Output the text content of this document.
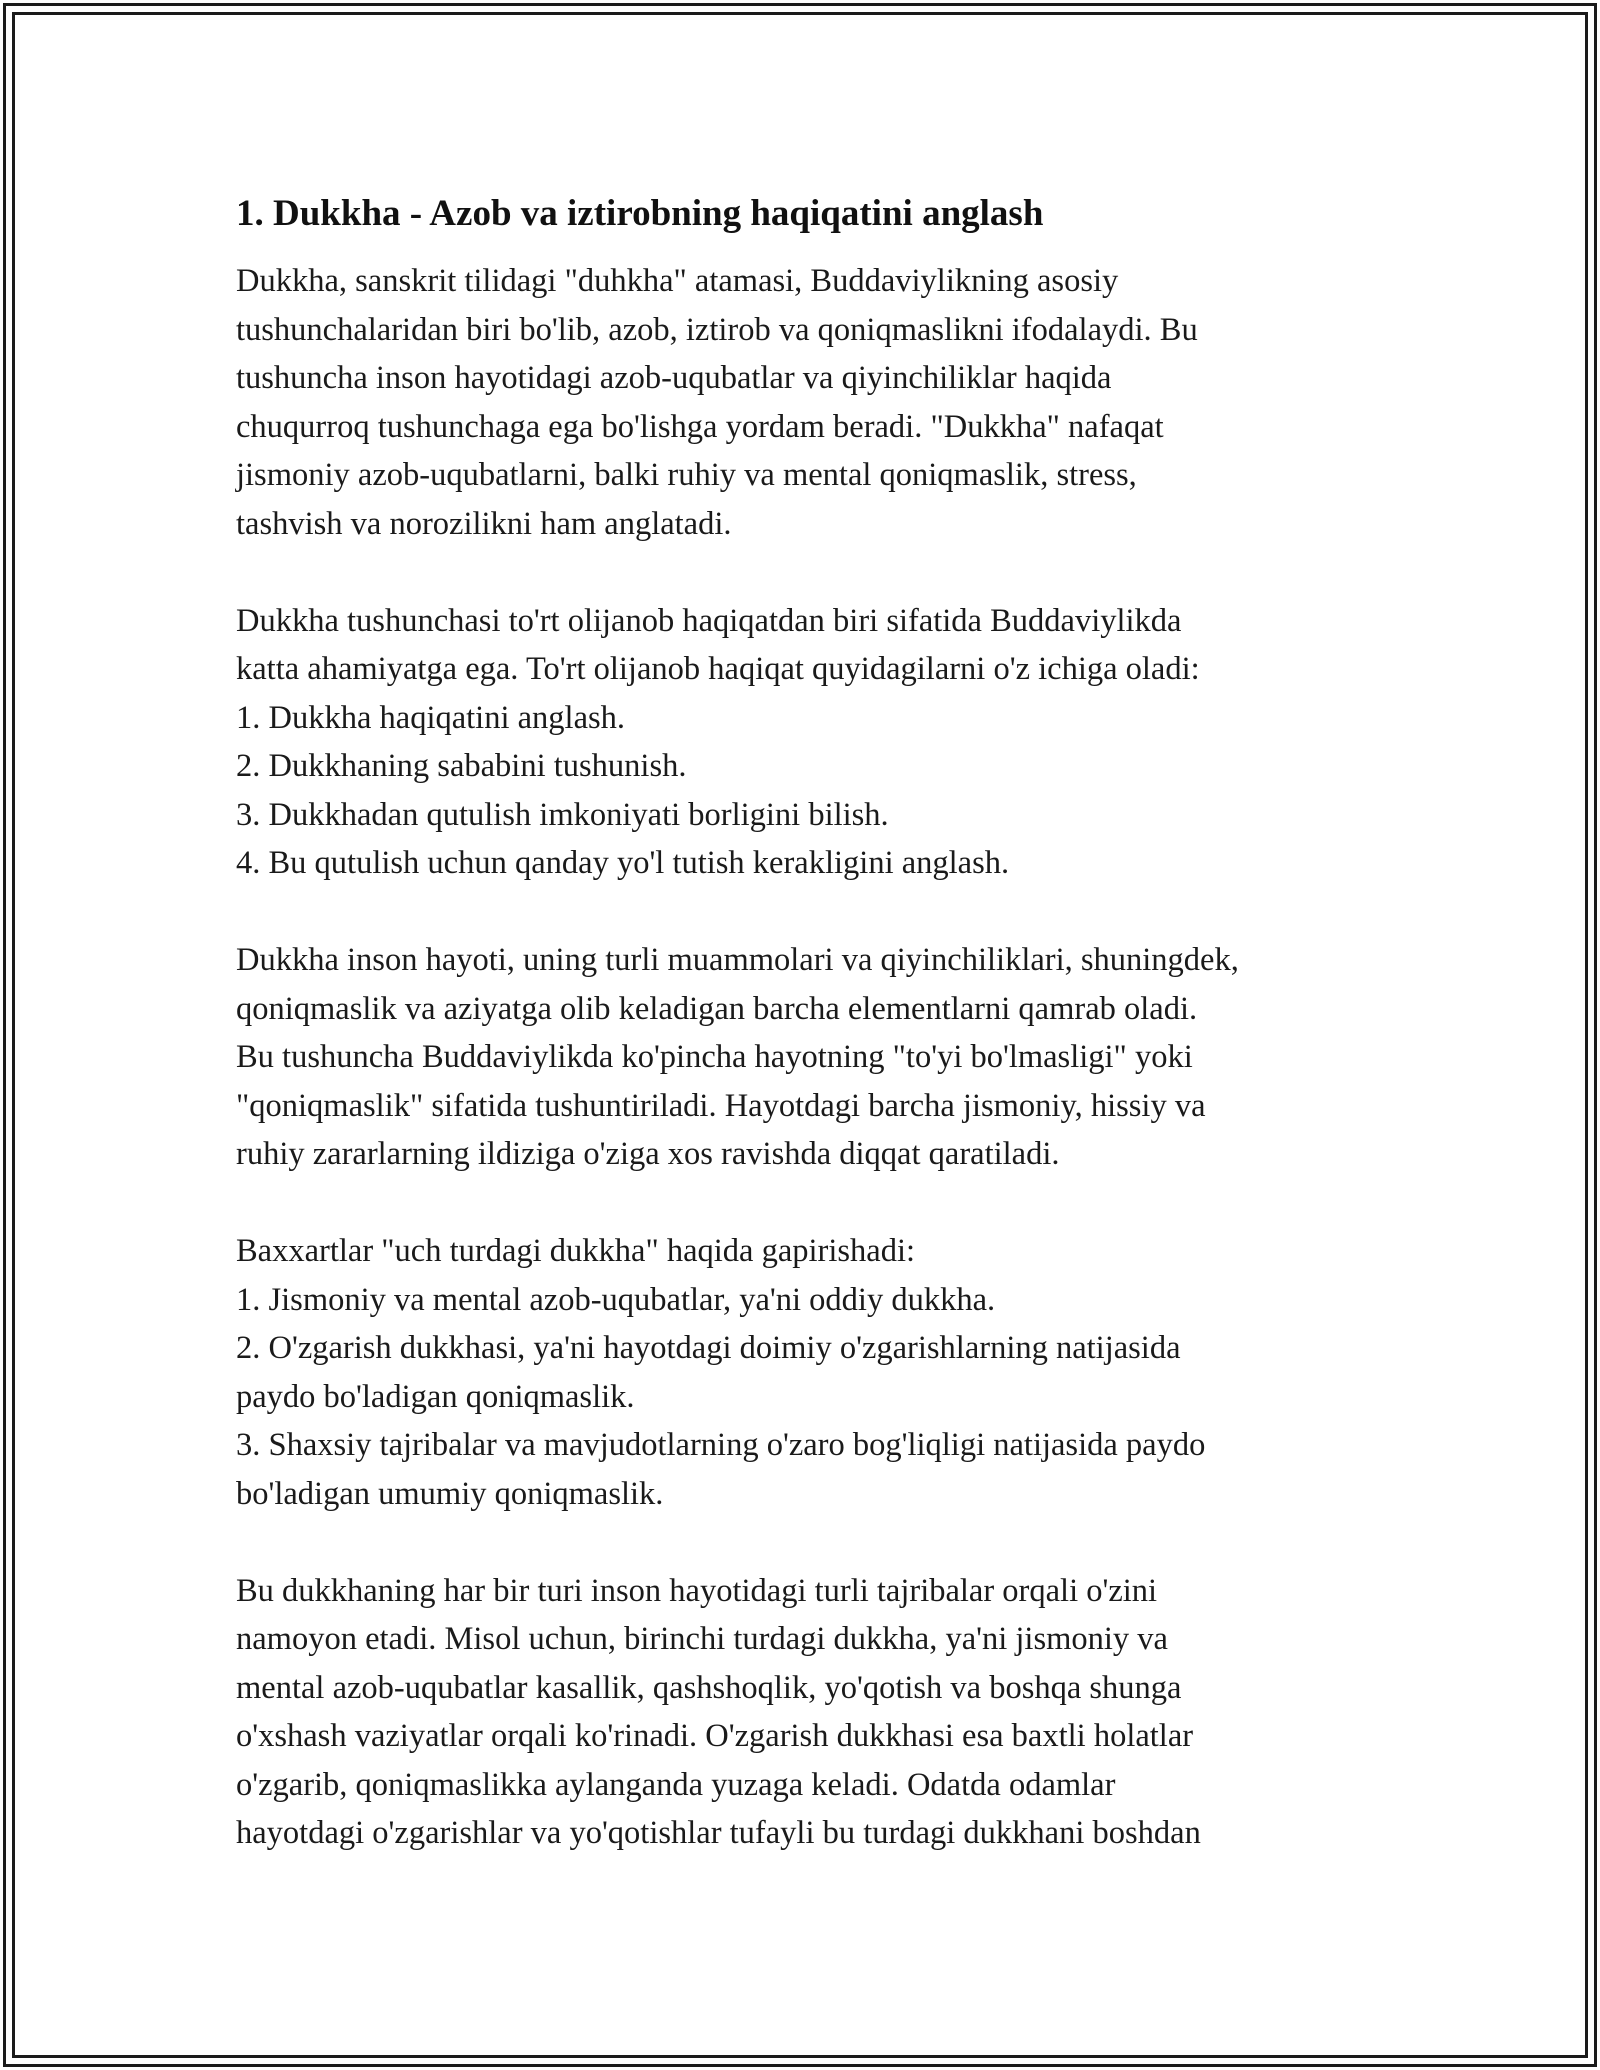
1. Dukkha - Azob va iztirobning haqiqatini anglash

Dukkha, sanskrit tilidagi "duhkha" atamasi, Buddaviylikning asosiy
tushunchalaridan biri bo'lib, azob, iztirob va qoniqmaslikni ifodalaydi. Bu
tushuncha inson hayotidagi azob-uqubatlar va qiyinchiliklar haqida
chuqurroq tushunchaga ega bo'lishga yordam beradi. "Dukkha" nafaqat
jismoniy azob-uqubatlarni, balki ruhiy va mental qoniqmaslik, stress,
tashvish va norozilikni ham anglatadi.

Dukkha tushunchasi to'rt olijanob haqiqatdan biri sifatida Buddaviylikda
katta ahamiyatga ega. To'rt olijanob haqiqat quyidagilarni o'z ichiga oladi:
1. Dukkha haqiqatini anglash.
2. Dukkhaning sababini tushunish.
3. Dukkhadan qutulish imkoniyati borligini bilish.
4. Bu qutulish uchun qanday yo'l tutish kerakligini anglash.

Dukkha inson hayoti, uning turli muammolari va qiyinchiliklari, shuningdek,
qoniqmaslik va aziyatga olib keladigan barcha elementlarni qamrab oladi.
Bu tushuncha Buddaviylikda ko'pincha hayotning "to'yi bo'lmasligi" yoki
"qoniqmaslik" sifatida tushuntiriladi. Hayotdagi barcha jismoniy, hissiy va
ruhiy zararlarning ildiziga o'ziga xos ravishda diqqat qaratiladi.

Baxxartlar "uch turdagi dukkha" haqida gapirishadi:
1. Jismoniy va mental azob-uqubatlar, ya'ni oddiy dukkha.
2. O'zgarish dukkhasi, ya'ni hayotdagi doimiy o'zgarishlarning natijasida
paydo bo'ladigan qoniqmaslik.
3. Shaxsiy tajribalar va mavjudotlarning o'zaro bog'liqligi natijasida paydo
bo'ladigan umumiy qoniqmaslik.

Bu dukkhaning har bir turi inson hayotidagi turli tajribalar orqali o'zini
namoyon etadi. Misol uchun, birinchi turdagi dukkha, ya'ni jismoniy va
mental azob-uqubatlar kasallik, qashshoqlik, yo'qotish va boshqa shunga
o'xshash vaziyatlar orqali ko'rinadi. O'zgarish dukkhasi esa baxtli holatlar
o'zgarib, qoniqmaslikka aylanganda yuzaga keladi. Odatda odamlar
hayotdagi o'zgarishlar va yo'qotishlar tufayli bu turdagi dukkhani boshdan
